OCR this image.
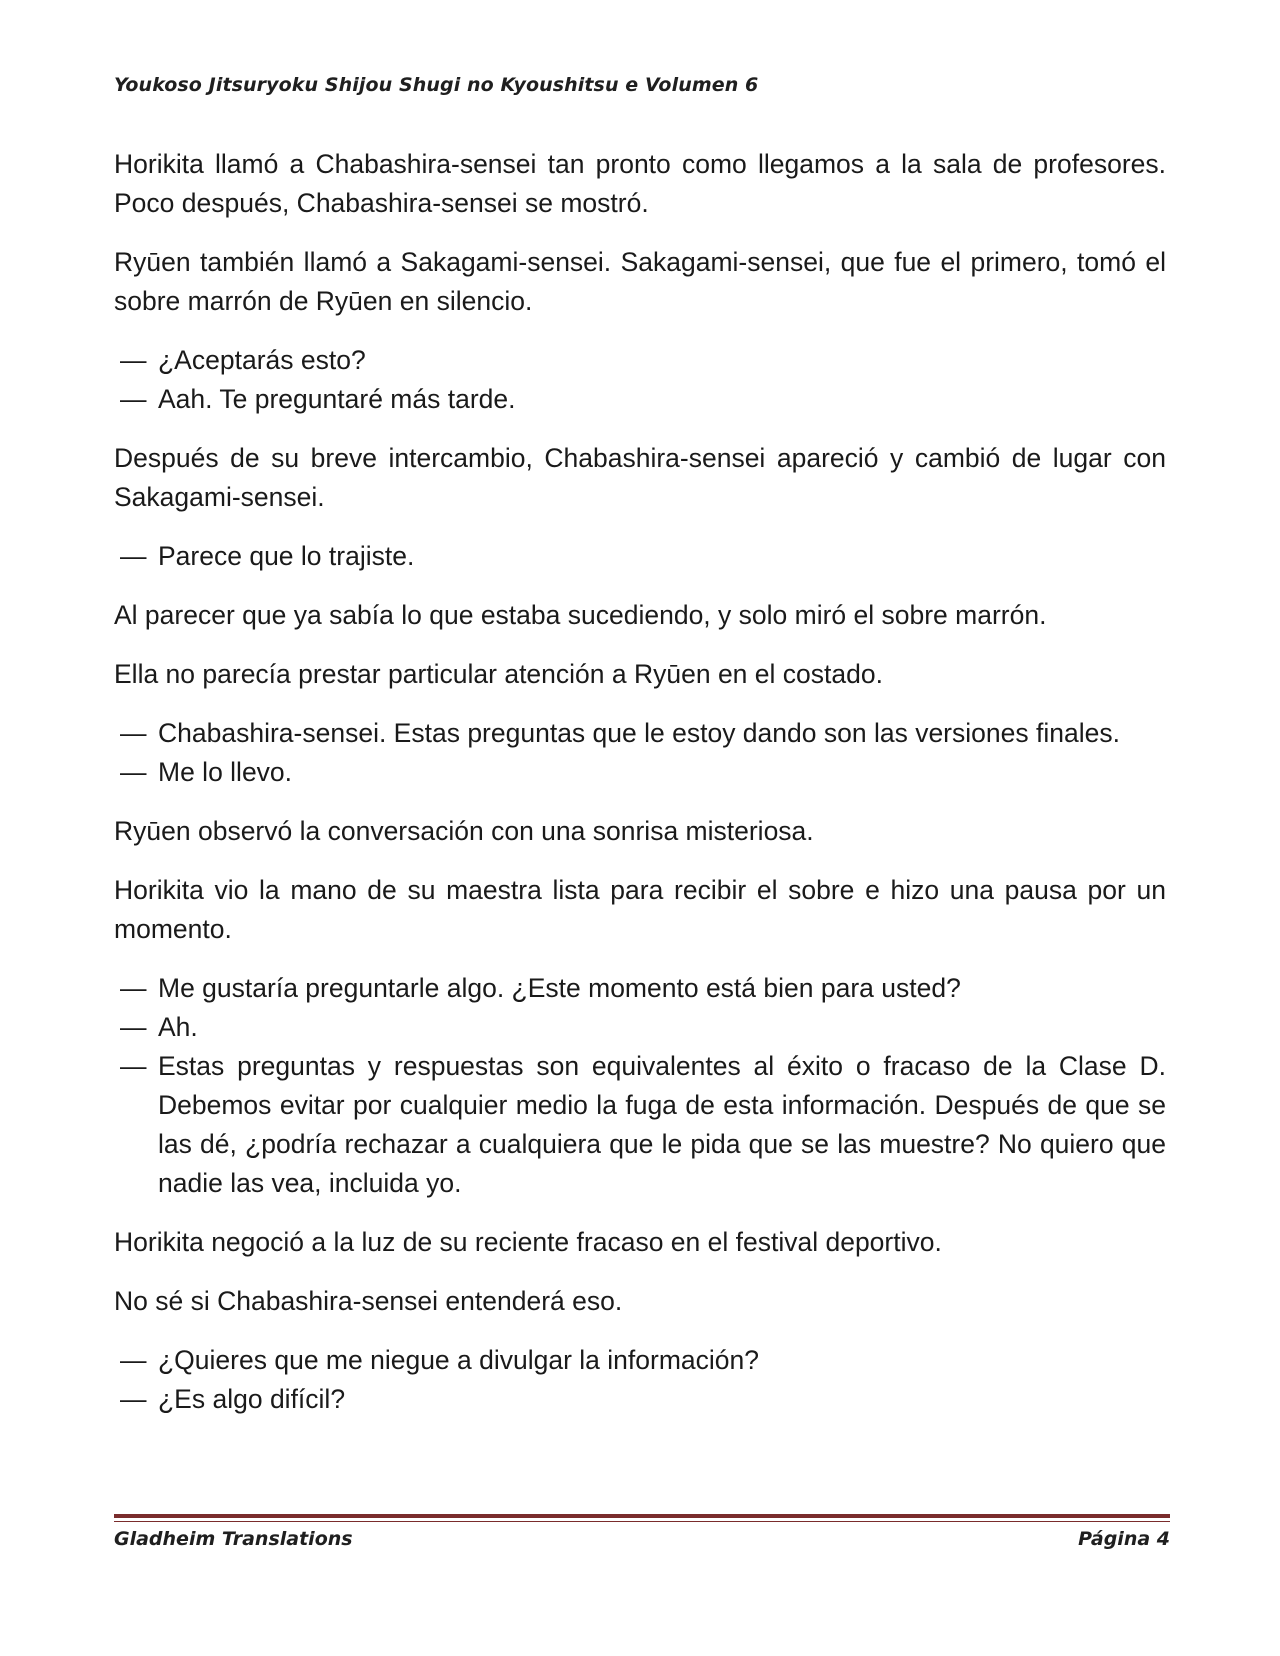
Youkoso Jitsuryoku Shijou Shugi no Kyoushitsu e Volumen 6

Horikita llamó a Chabashira-sensei tan pronto como llegamos a la sala de profesores. Poco después, Chabashira-sensei se mostró.

Ryūen también llamó a Sakagami-sensei. Sakagami-sensei, que fue el primero, tomó el sobre marrón de Ryūen en silencio.

— ¿Aceptarás esto?
— Aah. Te preguntaré más tarde.

Después de su breve intercambio, Chabashira-sensei apareció y cambió de lugar con Sakagami-sensei.

— Parece que lo trajiste.

Al parecer que ya sabía lo que estaba sucediendo, y solo miró el sobre marrón.

Ella no parecía prestar particular atención a Ryūen en el costado.

— Chabashira-sensei. Estas preguntas que le estoy dando son las versiones finales.
— Me lo llevo.

Ryūen observó la conversación con una sonrisa misteriosa.

Horikita vio la mano de su maestra lista para recibir el sobre e hizo una pausa por un momento.

— Me gustaría preguntarle algo. ¿Este momento está bien para usted?
— Ah.
— Estas preguntas y respuestas son equivalentes al éxito o fracaso de la Clase D. Debemos evitar por cualquier medio la fuga de esta información. Después de que se las dé, ¿podría rechazar a cualquiera que le pida que se las muestre? No quiero que nadie las vea, incluida yo.

Horikita negoció a la luz de su reciente fracaso en el festival deportivo.

No sé si Chabashira-sensei entenderá eso.

— ¿Quieres que me niegue a divulgar la información?
— ¿Es algo difícil?
Gladheim Translations	Página 4
